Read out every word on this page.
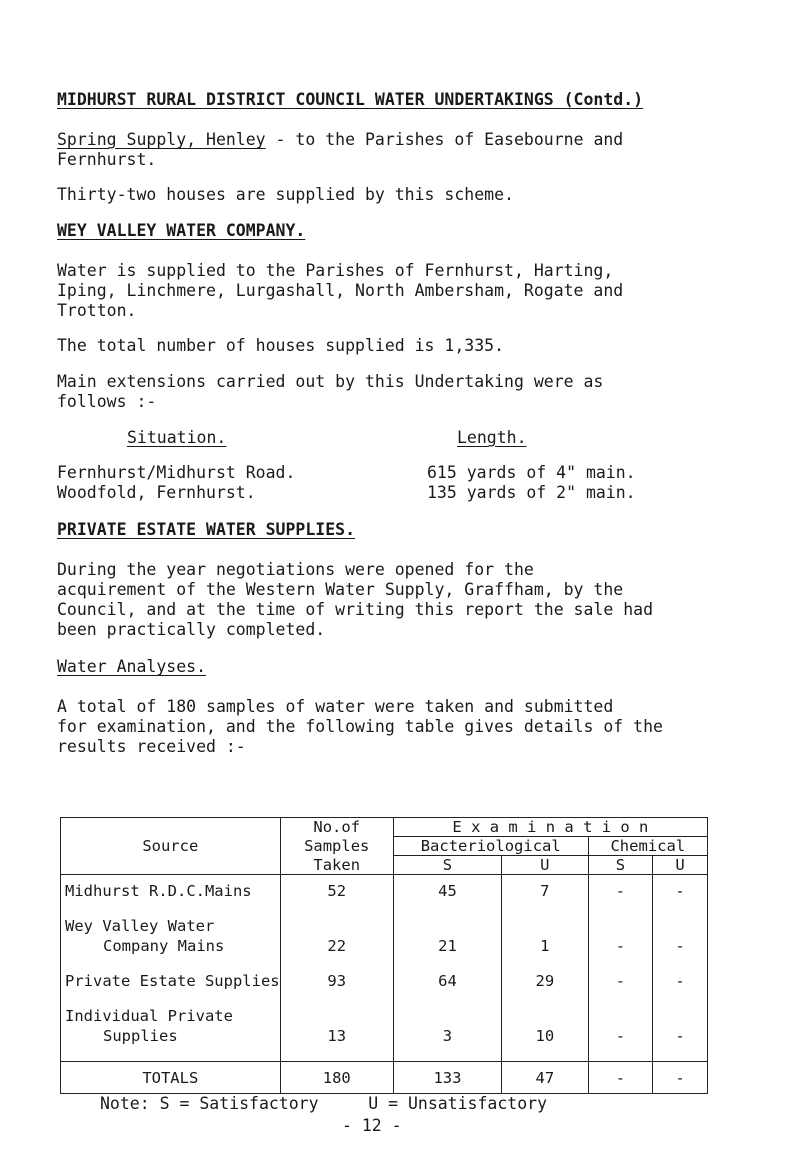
MIDHURST RURAL DISTRICT COUNCIL WATER UNDERTAKINGS (Contd.)
Spring Supply, Henley - to the Parishes of Easebourne and
Fernhurst.
Thirty-two houses are supplied by this scheme.
WEY VALLEY WATER COMPANY.
Water is supplied to the Parishes of Fernhurst, Harting,
Iping, Linchmere, Lurgashall, North Ambersham, Rogate and
Trotton.
The total number of houses supplied is 1,335.
Main extensions carried out by this Undertaking were as
follows :-
Situation.	Length.
Fernhurst/Midhurst Road.	615 yards of 4" main.
Woodfold, Fernhurst.	135 yards of 2" main.
PRIVATE ESTATE WATER SUPPLIES.
During the year negotiations were opened for the
acquirement of the Western Water Supply, Graffham, by the
Council, and at the time of writing this report the sale had
been practically completed.
Water Analyses.
A total of 180 samples of water were taken and submitted
for examination, and the following table gives details of the
results received :-
Source	No.of	E x a m i n a t i o n			
	Samples	Bacteriological		Chemical	
	Taken	S	U	S	U

Midhurst R.D.C.Mains	52	45	7	-	-

Wey Valley Water					
Company Mains	22	21	1	-	-

Private Estate Supplies	93	64	29	-	-

Individual Private					
Supplies	13	3	10	-	-

TOTALS	180	133	47	-	-
Note: S = Satisfactory     U = Unsatisfactory
- 12 -
